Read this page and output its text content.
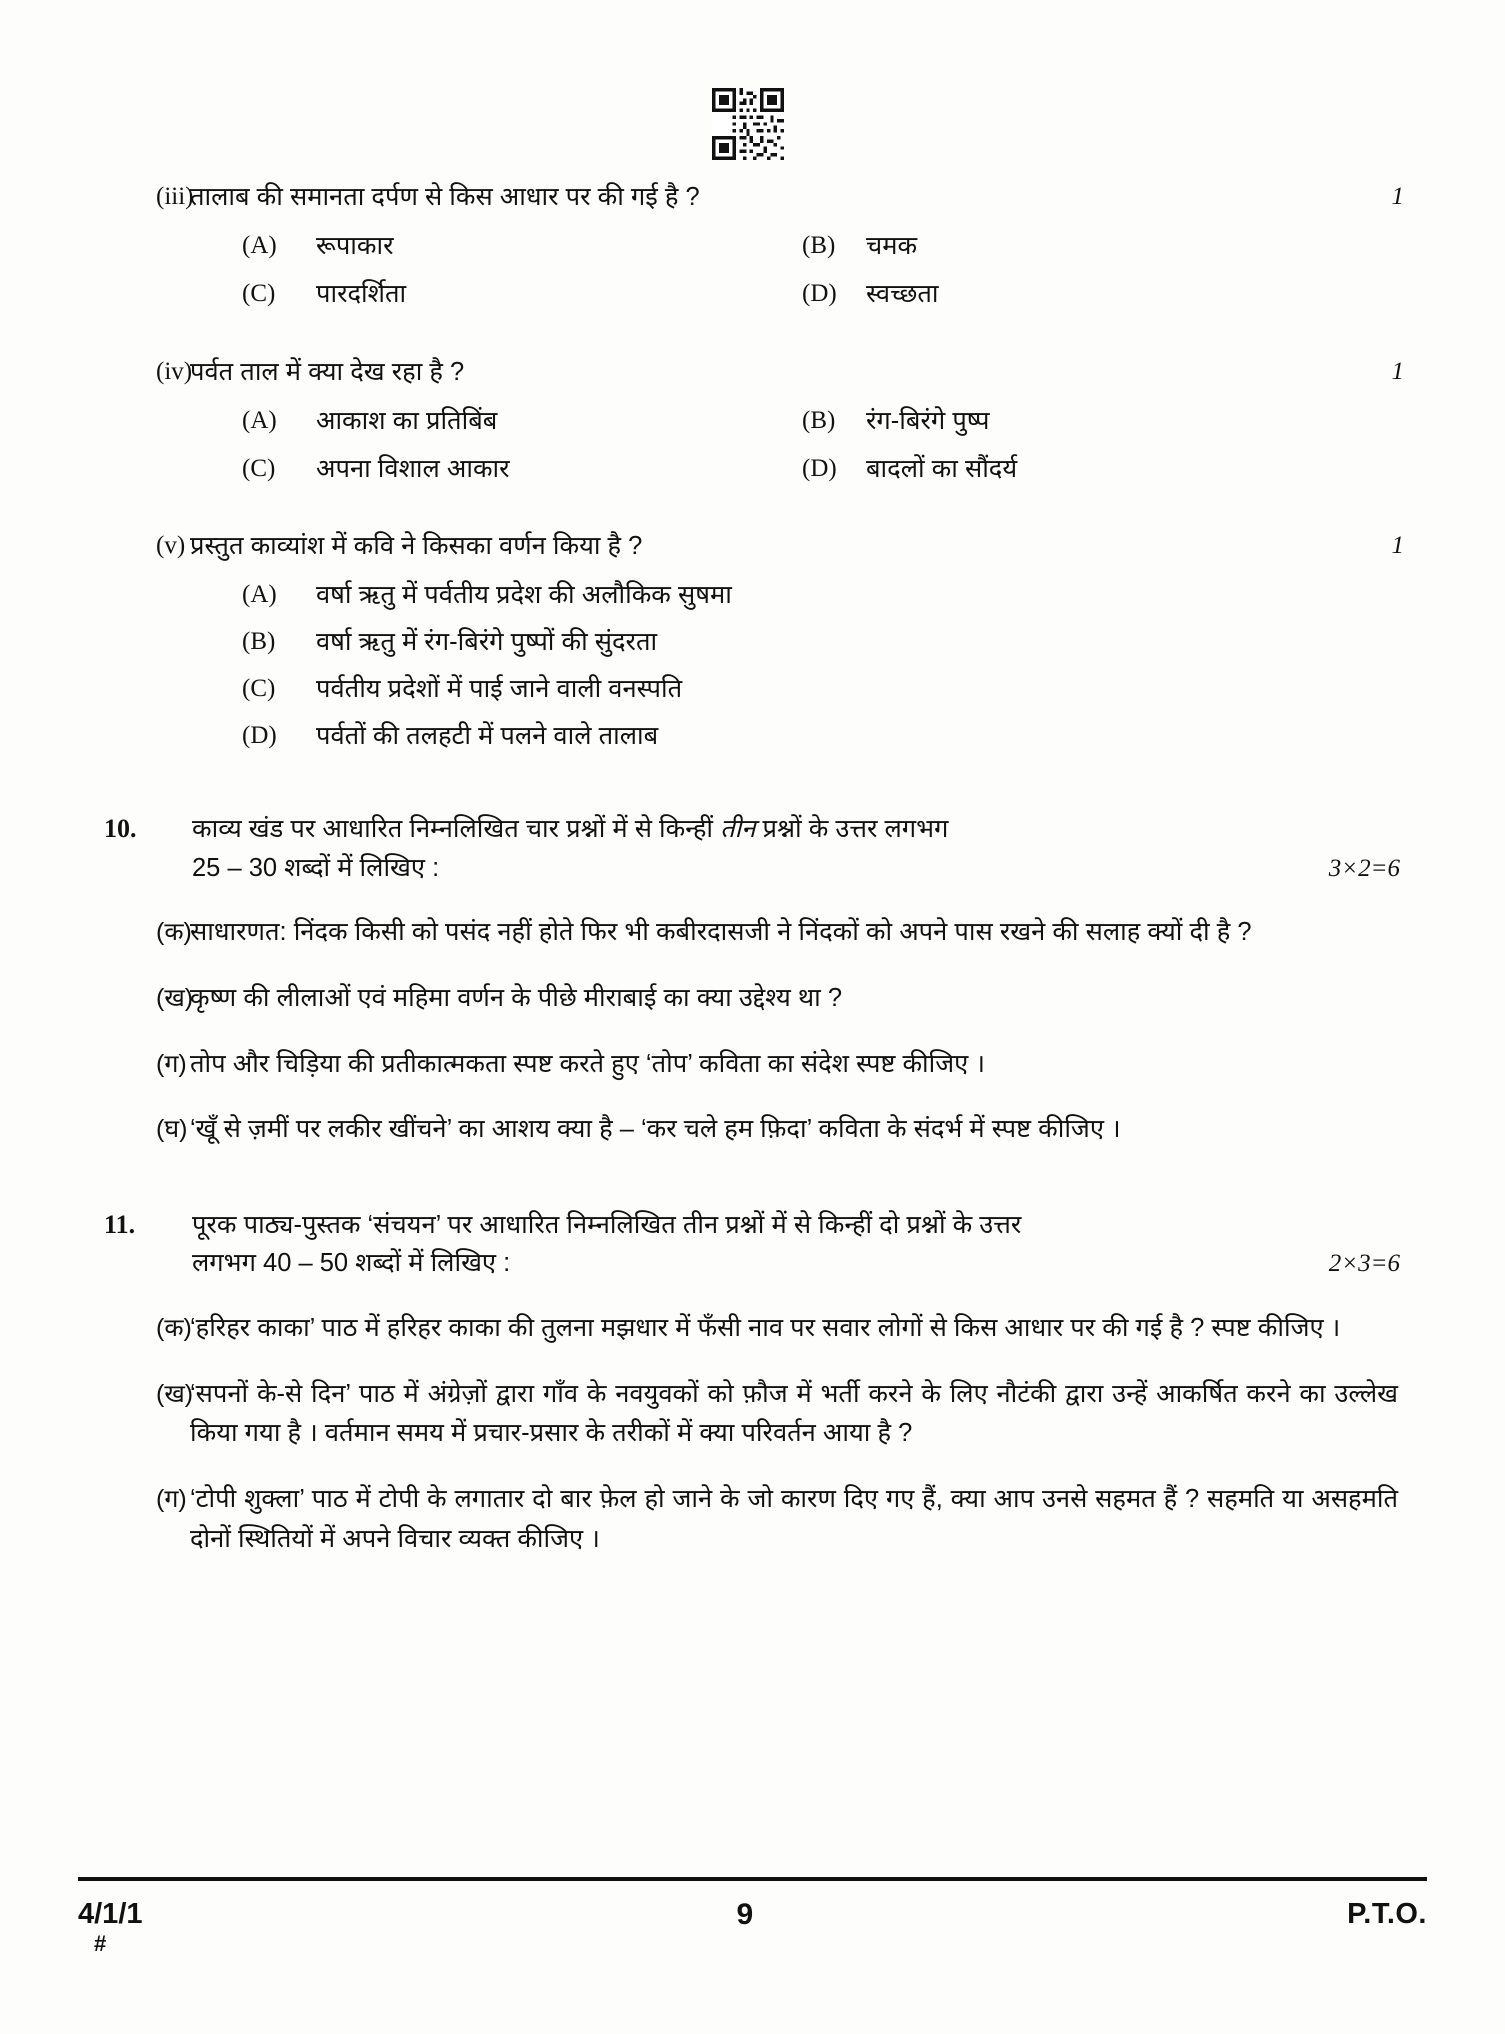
(iii)
तालाब की समानता दर्पण से किस आधार पर की गई है ?	1
(A)	रूपाकार	(B)	चमक
(C)	पारदर्शिता	(D)	स्वच्छता
(iv)
पर्वत ताल में क्या देख रहा है ?	1
(A)	आकाश का प्रतिबिंब	(B)	रंग-बिरंगे पुष्प
(C)	अपना विशाल आकार	(D)	बादलों का सौंदर्य
(v) प्रस्तुत काव्यांश में कवि ने किसका वर्णन किया है ?	1
(A)	वर्षा ऋतु में पर्वतीय प्रदेश की अलौकिक सुषमा
(B)	वर्षा ऋतु में रंग-बिरंगे पुष्पों की सुंदरता
(C)	पर्वतीय प्रदेशों में पाई जाने वाली वनस्पति
(D)	पर्वतों की तलहटी में पलने वाले तालाब
10.	काव्य खंड पर आधारित निम्नलिखित चार प्रश्नों में से किन्हीं तीन प्रश्नों के उत्तर लगभग
25 – 30 शब्दों में लिखिए :	3×2=6
(क)
साधारणत: निंदक किसी को पसंद नहीं होते फिर भी कबीरदासजी ने निंदकों को अपने पास रखने की सलाह क्यों दी है ?
(ख)
कृष्ण की लीलाओं एवं महिमा वर्णन के पीछे मीराबाई का क्या उद्देश्य था ?
(ग) तोप और चिड़िया की प्रतीकात्मकता स्पष्ट करते हुए ‘तोप’ कविता का संदेश स्पष्ट कीजिए ।
(घ) ‘खूँ से ज़मीं पर लकीर खींचने’ का आशय क्या है – ‘कर चले हम फ़िदा’ कविता के संदर्भ में स्पष्ट कीजिए ।
11.	पूरक पाठ्य-पुस्तक ‘संचयन’ पर आधारित निम्नलिखित तीन प्रश्नों में से किन्हीं दो प्रश्नों के उत्तर
लगभग 40 – 50 शब्दों में लिखिए :	2×3=6
(क)
‘हरिहर काका’ पाठ में हरिहर काका की तुलना मझधार में फँसी नाव पर सवार लोगों से किस आधार पर की गई है ? स्पष्ट कीजिए ।
(ख)
‘सपनों के-से दिन’ पाठ में अंग्रेज़ों द्वारा गाँव के नवयुवकों को फ़ौज में भर्ती करने के लिए नौटंकी द्वारा उन्हें आकर्षित करने का उल्लेख किया गया है । वर्तमान समय में प्रचार-प्रसार के तरीकों में क्या परिवर्तन आया है ?
(ग) ‘टोपी शुक्ला’ पाठ में टोपी के लगातार दो बार फ़ेल हो जाने के जो कारण दिए गए हैं, क्या आप उनसे सहमत हैं ? सहमति या असहमति दोनों स्थितियों में अपने विचार व्यक्त कीजिए ।
4/1/1
#
9	P.T.O.
